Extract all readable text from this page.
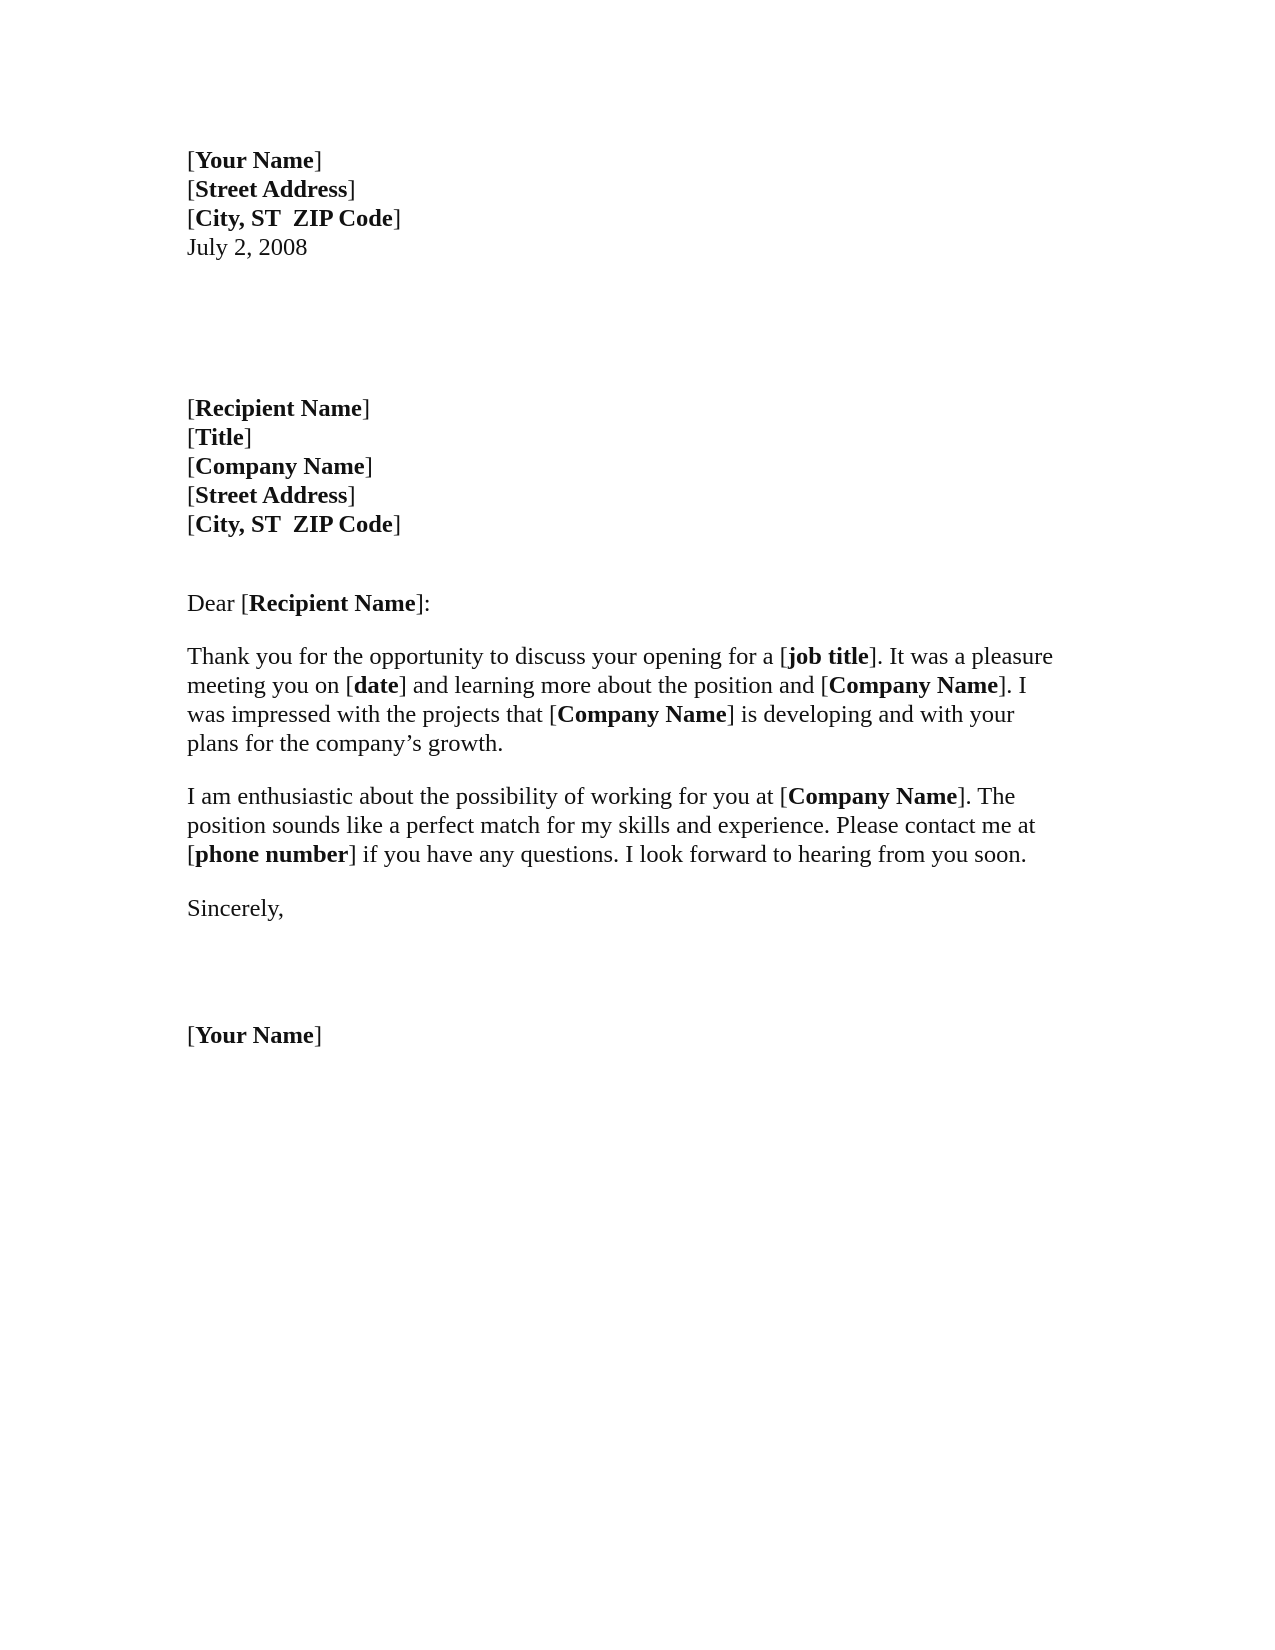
[Your Name]
[Street Address]
[City, ST  ZIP Code]
July 2, 2008
[Recipient Name]
[Title]
[Company Name]
[Street Address]
[City, ST  ZIP Code]
Dear [Recipient Name]:
Thank you for the opportunity to discuss your opening for a [job title]. It was a pleasure
meeting you on [date] and learning more about the position and [Company Name]. I
was impressed with the projects that [Company Name] is developing and with your
plans for the company’s growth.
I am enthusiastic about the possibility of working for you at [Company Name]. The
position sounds like a perfect match for my skills and experience. Please contact me at
[phone number] if you have any questions. I look forward to hearing from you soon.
Sincerely,
[Your Name]
